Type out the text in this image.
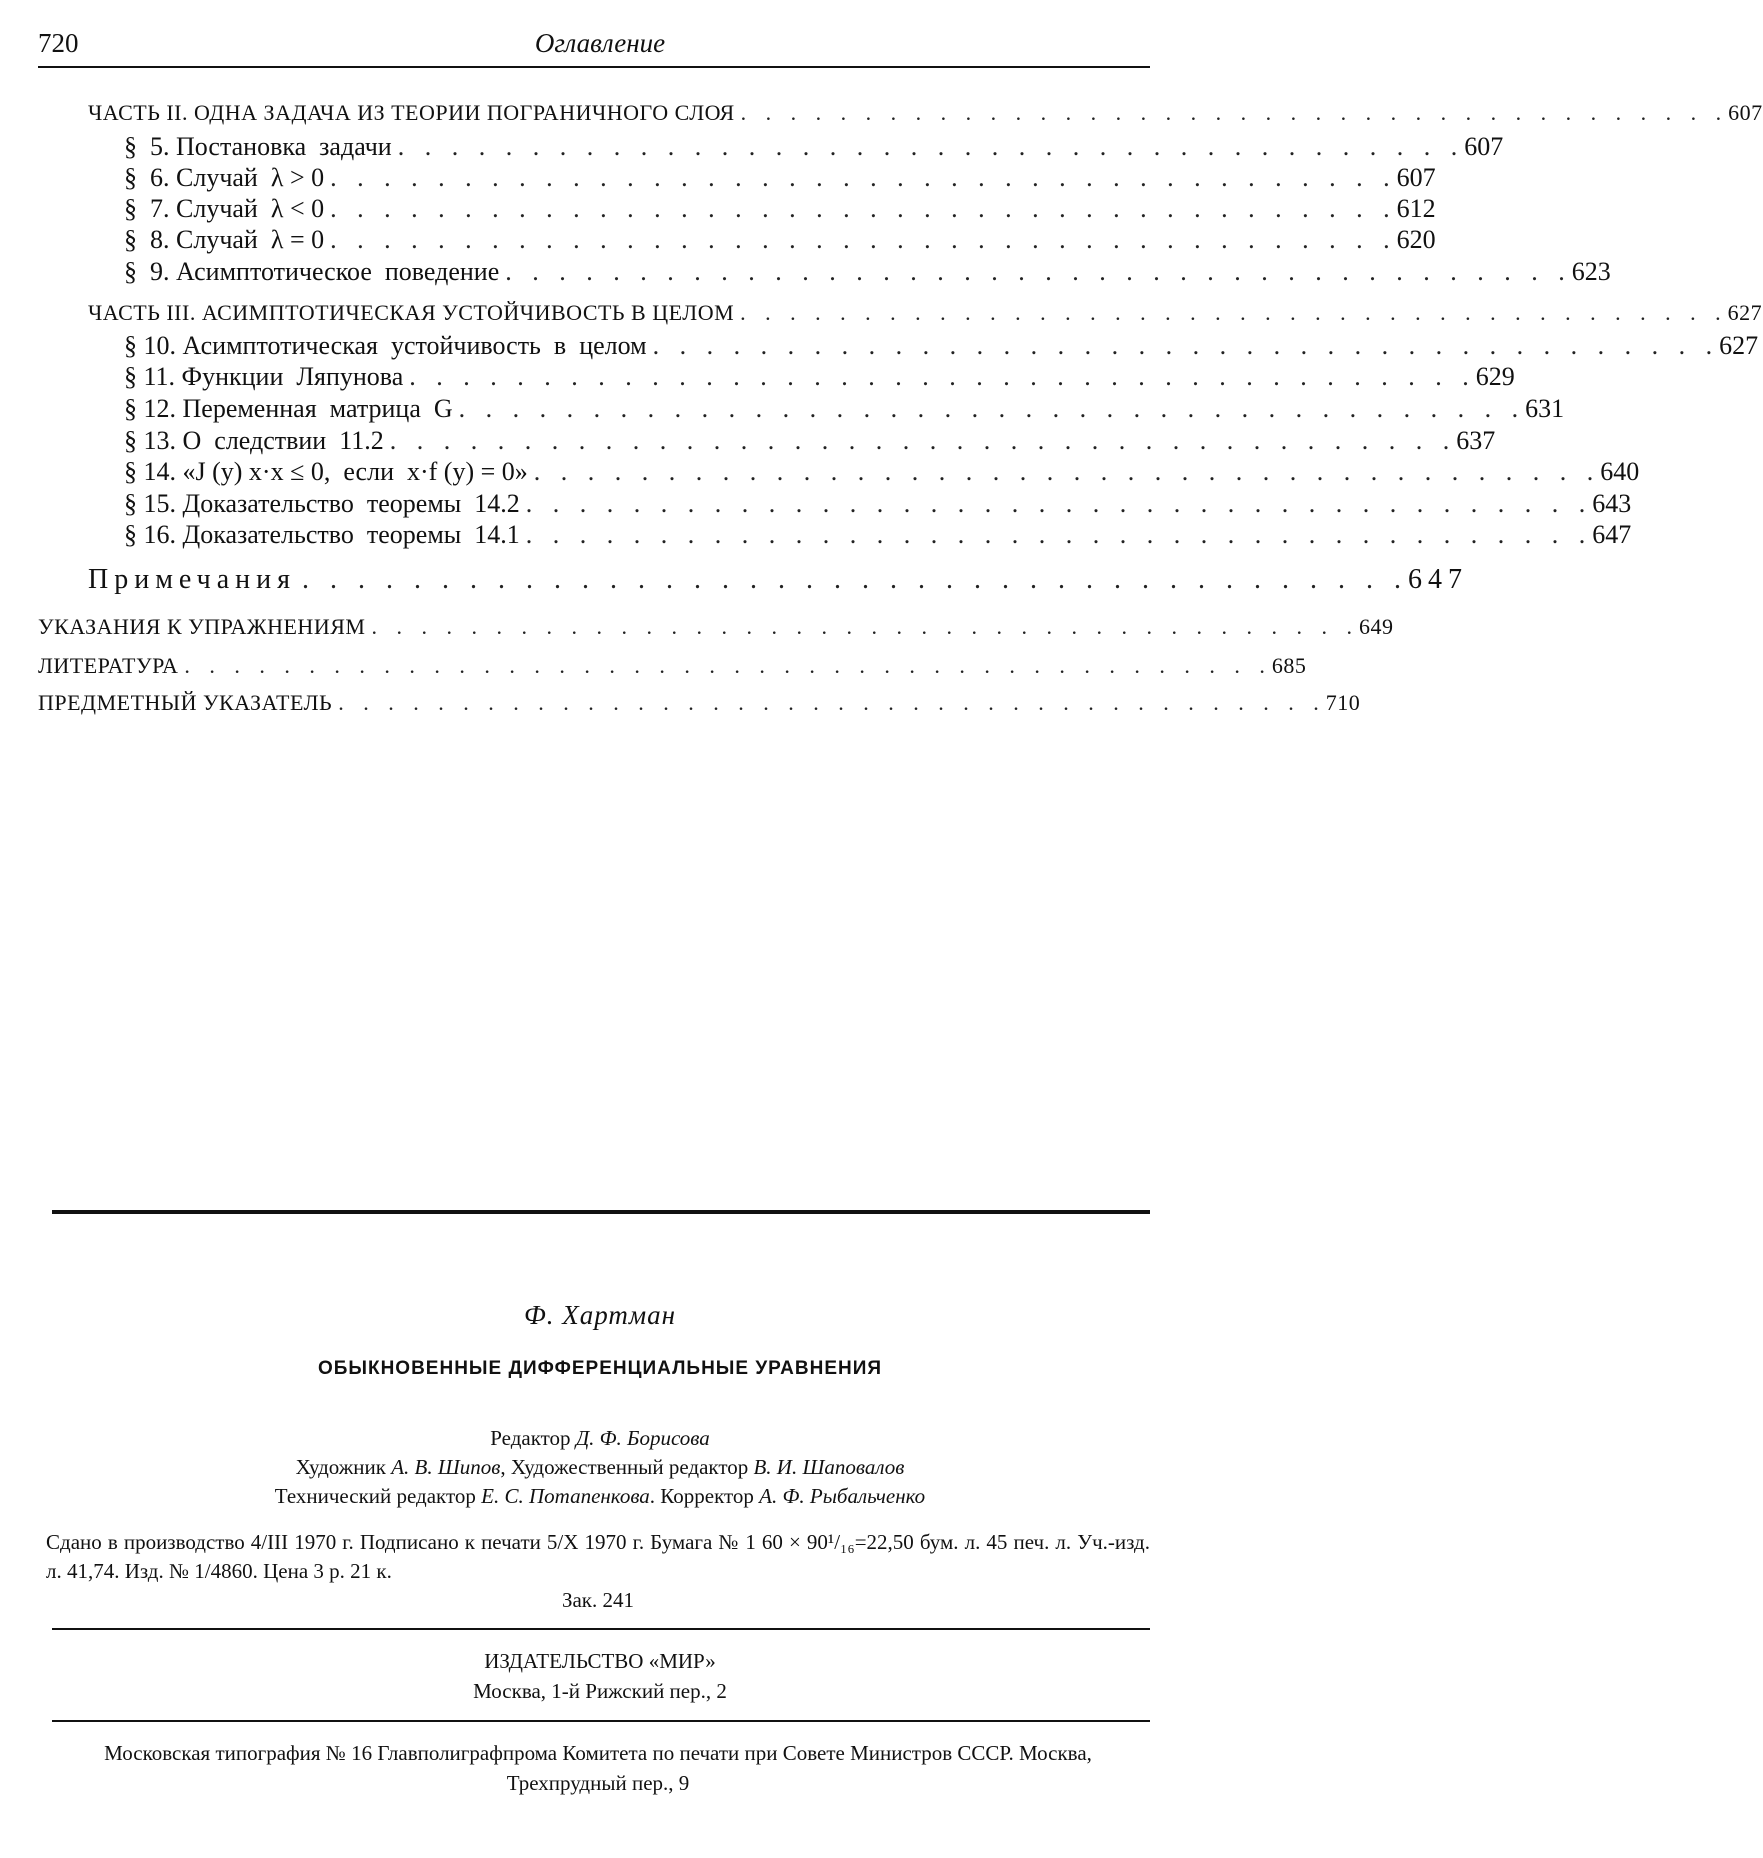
720	Оглавление
ЧАСТЬ II. ОДНА ЗАДАЧА ИЗ ТЕОРИИ ПОГРАНИЧНОГО СЛОЯ . . . . . . . . . . . . . . . . . . . . . . . . . . . . . . . . . . . . . . . . 607
§  5. Постановка  задачи . . . . . . . . . . . . . . . . . . . . . . . . . . . . . . . . . . . . . . . . 607
§  6. Случай  λ > 0 . . . . . . . . . . . . . . . . . . . . . . . . . . . . . . . . . . . . . . . . 607
§  7. Случай  λ < 0 . . . . . . . . . . . . . . . . . . . . . . . . . . . . . . . . . . . . . . . . 612
§  8. Случай  λ = 0 . . . . . . . . . . . . . . . . . . . . . . . . . . . . . . . . . . . . . . . . 620
§  9. Асимптотическое  поведение . . . . . . . . . . . . . . . . . . . . . . . . . . . . . . . . . . . . . . . . 623
ЧАСТЬ III. АСИМПТОТИЧЕСКАЯ УСТОЙЧИВОСТЬ В ЦЕЛОМ . . . . . . . . . . . . . . . . . . . . . . . . . . . . . . . . . . . . . . . . 627
§ 10. Асимптотическая  устойчивость  в  целом . . . . . . . . . . . . . . . . . . . . . . . . . . . . . . . . . . . . . . . . 627
§ 11. Функции  Ляпунова . . . . . . . . . . . . . . . . . . . . . . . . . . . . . . . . . . . . . . . . 629
§ 12. Переменная  матрица  G . . . . . . . . . . . . . . . . . . . . . . . . . . . . . . . . . . . . . . . . 631
§ 13. О  следствии  11.2 . . . . . . . . . . . . . . . . . . . . . . . . . . . . . . . . . . . . . . . . 637
§ 14. «J (y) x·x ≤ 0,  если  x·f (y) = 0» . . . . . . . . . . . . . . . . . . . . . . . . . . . . . . . . . . . . . . . . 640
§ 15. Доказательство  теоремы  14.2 . . . . . . . . . . . . . . . . . . . . . . . . . . . . . . . . . . . . . . . . 643
§ 16. Доказательство  теоремы  14.1 . . . . . . . . . . . . . . . . . . . . . . . . . . . . . . . . . . . . . . . . 647
Примечания . . . . . . . . . . . . . . . . . . . . . . . . . . . . . . . . . . . . . . . . 647
УКАЗАНИЯ К УПРАЖНЕНИЯМ . . . . . . . . . . . . . . . . . . . . . . . . . . . . . . . . . . . . . . . . 649
ЛИТЕРАТУРА . . . . . . . . . . . . . . . . . . . . . . . . . . . . . . . . . . . . . . . . . . . . 685
ПРЕДМЕТНЫЙ УКАЗАТЕЛЬ . . . . . . . . . . . . . . . . . . . . . . . . . . . . . . . . . . . . . . . . 710
Ф. Хартман
ОБЫКНОВЕННЫЕ ДИФФЕРЕНЦИАЛЬНЫЕ УРАВНЕНИЯ
Редактор Д. Ф. Борисова
Художник А. В. Шипов, Художественный редактор В. И. Шаповалов
Технический редактор Е. С. Потапенкова. Корректор А. Ф. Рыбальченко
Сдано в производство 4/III 1970 г. Подписано к печати 5/X 1970 г. Бумага № 1 60 × 90¹/₁₆=22,50 бум. л. 45 печ. л. Уч.-изд. л. 41,74. Изд. № 1/4860. Цена 3 р. 21 к.
Зак. 241
ИЗДАТЕЛЬСТВО «МИР»
Москва, 1-й Рижский пер., 2
Московская типография № 16 Главполиграфпрома Комитета по печати при Совете Министров СССР. Москва, Трехпрудный пер., 9
